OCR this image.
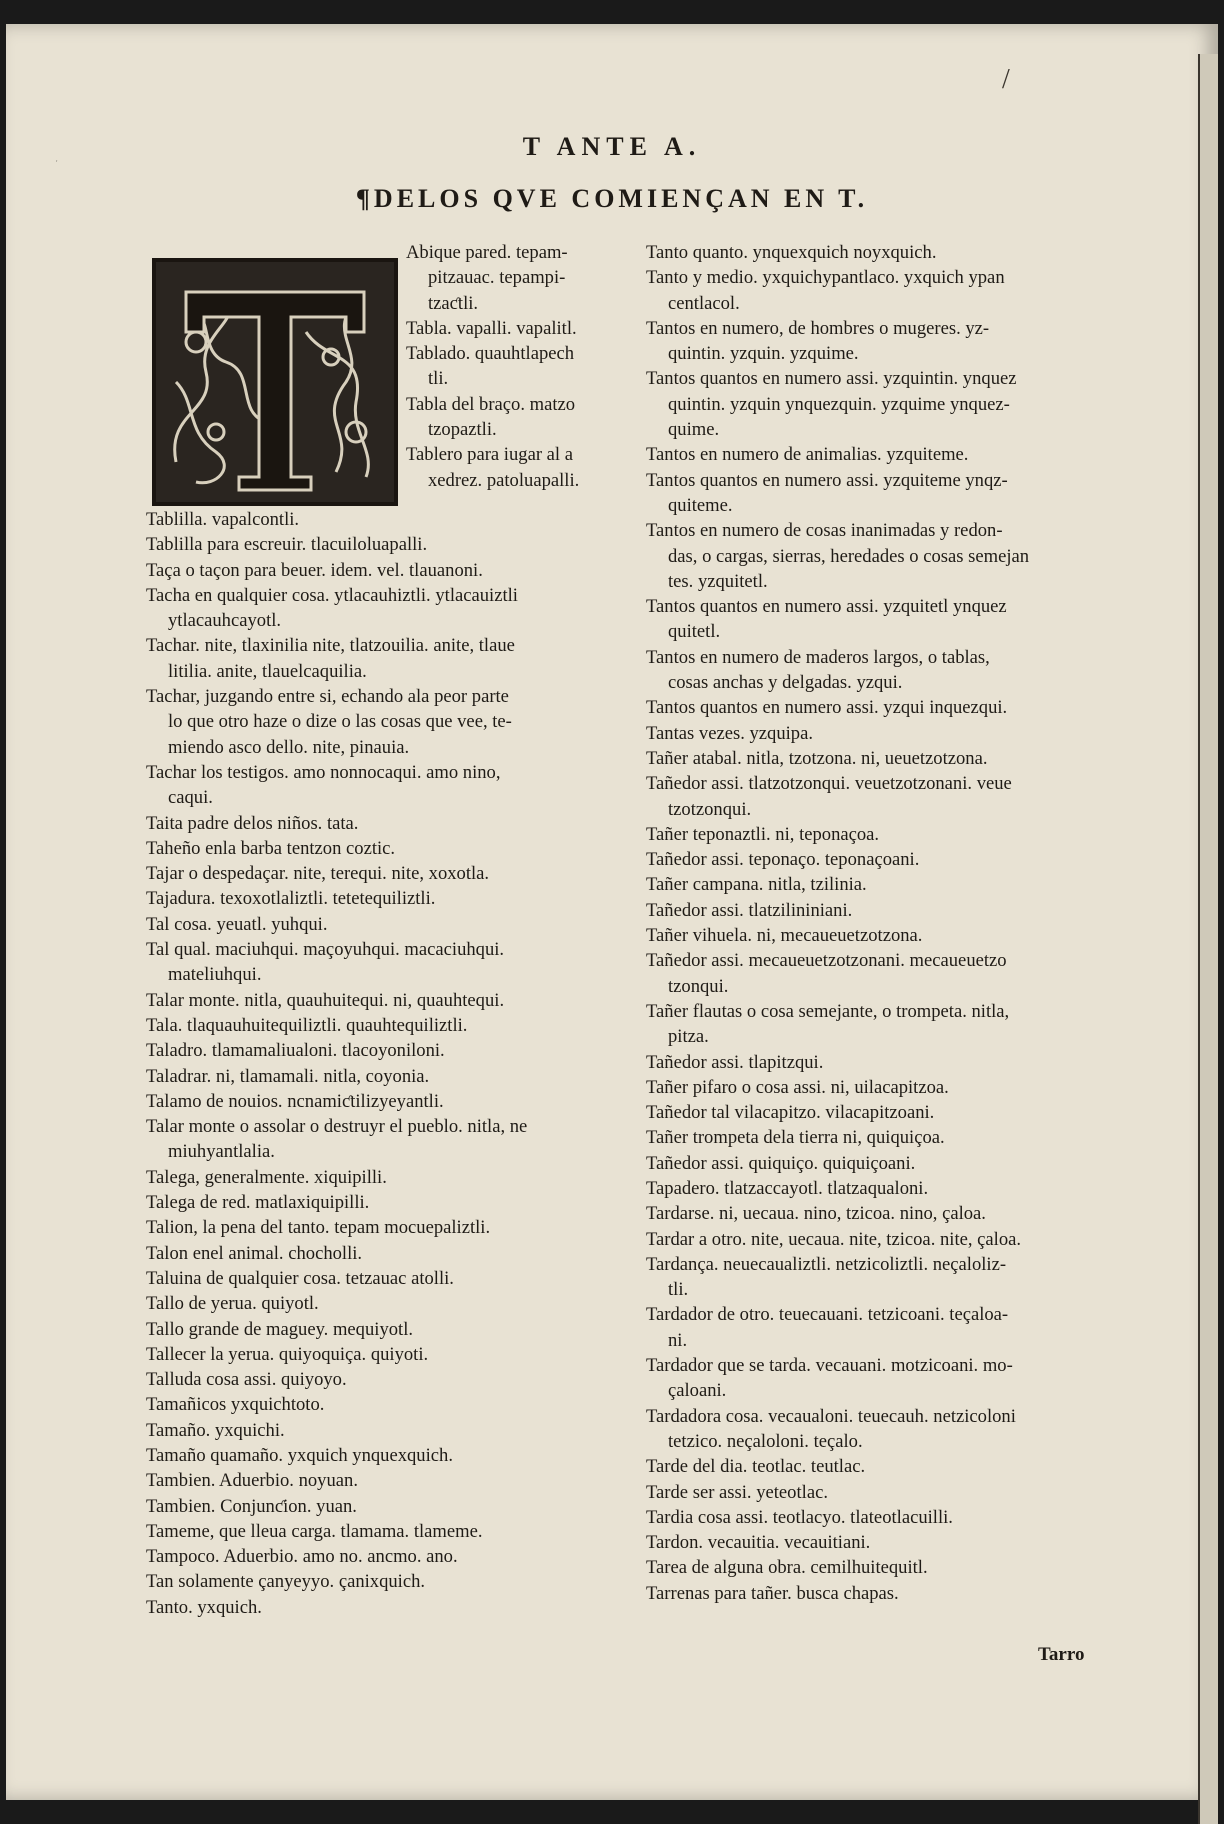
/
T ANTE A.
¶DELOS QVE COMIENÇAN EN T.
T
Abique pared. tepam-
pitzauac. tepampi-
tzaƈtli.
Tabla. vapalli. vapalitl.
Tablado. quauhtlapech
tli.
Tabla del braço. matzo
tzopaztli.
Tablero para iugar al a
xedrez. patoluapalli.
Tablilla. vapalcontli.
Tablilla para escreuir. tlacuiloluapalli.
Taça o taçon para beuer. idem. vel. tlauanoni.
Tacha en qualquier cosa. ytlacauhiztli. ytlacauiztli
ytlacauhcayotl.
Tachar. nite, tlaxinilia nite, tlatzouilia. anite, tlaue
litilia. anite, tlauelcaquilia.
Tachar, juzgando entre si, echando ala peor parte
lo que otro haze o dize o las cosas que vee, te-
miendo asco dello. nite, pinauia.
Tachar los testigos. amo nonnocaqui. amo nino,
caqui.
Taita padre delos niños. tata.
Taheño enla barba tentzon coztic.
Tajar o despedaçar. nite, terequi. nite, xoxotla.
Tajadura. texoxotlaliztli. tetetequiliztli.
Tal cosa. yeuatl. yuhqui.
Tal qual. maciuhqui. maçoyuhqui. macaciuhqui.
mateliuhqui.
Talar monte. nitla, quauhuitequi. ni, quauhtequi.
Tala. tlaquauhuitequiliztli. quauhtequiliztli.
Taladro. tlamamaliualoni. tlacoyoniloni.
Taladrar. ni, tlamamali. nitla, coyonia.
Talamo de nouios. ncnamiƈtilizyeyantli.
Talar monte o assolar o destruyr el pueblo. nitla, ne
miuhyantlalia.
Talega, generalmente. xiquipilli.
Talega de red. matlaxiquipilli.
Talion, la pena del tanto. tepam mocuepaliztli.
Talon enel animal. chocholli.
Taluina de qualquier cosa. tetzauac atolli.
Tallo de yerua. quiyotl.
Tallo grande de maguey. mequiyotl.
Tallecer la yerua. quiyoquiça. quiyoti.
Talluda cosa assi. quiyoyo.
Tamañicos yxquichtoto.
Tamaño. yxquichi.
Tamaño quamaño. yxquich ynquexquich.
Tambien. Aduerbio. noyuan.
Tambien. Conjunƈion. yuan.
Tameme, que lleua carga. tlamama. tlameme.
Tampoco. Aduerbio. amo no. ancmo. ano.
Tan solamente çanyeyyo. çanixquich.
Tanto. yxquich.
Tanto quanto. ynquexquich noyxquich.
Tanto y medio. yxquichypantlaco. yxquich ypan
centlacol.
Tantos en numero, de hombres o mugeres. yz-
quintin. yzquin. yzquime.
Tantos quantos en numero assi. yzquintin. ynquez
quintin. yzquin ynquezquin. yzquime ynquez-
quime.
Tantos en numero de animalias. yzquiteme.
Tantos quantos en numero assi. yzquiteme ynqz-
quiteme.
Tantos en numero de cosas inanimadas y redon-
das, o cargas, sierras, heredades o cosas semejan
tes. yzquitetl.
Tantos quantos en numero assi. yzquitetl ynquez
quitetl.
Tantos en numero de maderos largos, o tablas,
cosas anchas y delgadas. yzqui.
Tantos quantos en numero assi. yzqui inquezqui.
Tantas vezes. yzquipa.
Tañer atabal. nitla, tzotzona. ni, ueuetzotzona.
Tañedor assi. tlatzotzonqui. veuetzotzonani. veue
tzotzonqui.
Tañer teponaztli. ni, teponaçoa.
Tañedor assi. teponaço. teponaçoani.
Tañer campana. nitla, tzilinia.
Tañedor assi. tlatzilininiani.
Tañer vihuela. ni, mecaueuetzotzona.
Tañedor assi. mecaueuetzotzonani. mecaueuetzo
tzonqui.
Tañer flautas o cosa semejante, o trompeta. nitla,
pitza.
Tañedor assi. tlapitzqui.
Tañer pifaro o cosa assi. ni, uilacapitzoa.
Tañedor tal vilacapitzo. vilacapitzoani.
Tañer trompeta dela tierra ni, quiquiçoa.
Tañedor assi. quiquiço. quiquiçoani.
Tapadero. tlatzaccayotl. tlatzaqualoni.
Tardarse. ni, uecaua. nino, tzicoa. nino, çaloa.
Tardar a otro. nite, uecaua. nite, tzicoa. nite, çaloa.
Tardança. neuecaualiztli. netzicoliztli. neçaloliz-
tli.
Tardador de otro. teuecauani. tetzicoani. teçaloa-
ni.
Tardador que se tarda. vecauani. motzicoani. mo-
çaloani.
Tardadora cosa. vecaualoni. teuecauh. netzicoloni
tetzico. neçaloloni. teçalo.
Tarde del dia. teotlac. teutlac.
Tarde ser assi. yeteotlac.
Tardia cosa assi. teotlacyo. tlateotlacuilli.
Tardon. vecauitia. vecauitiani.
Tarea de alguna obra. cemilhuitequitl.
Tarrenas para tañer. busca chapas.
Tarro
